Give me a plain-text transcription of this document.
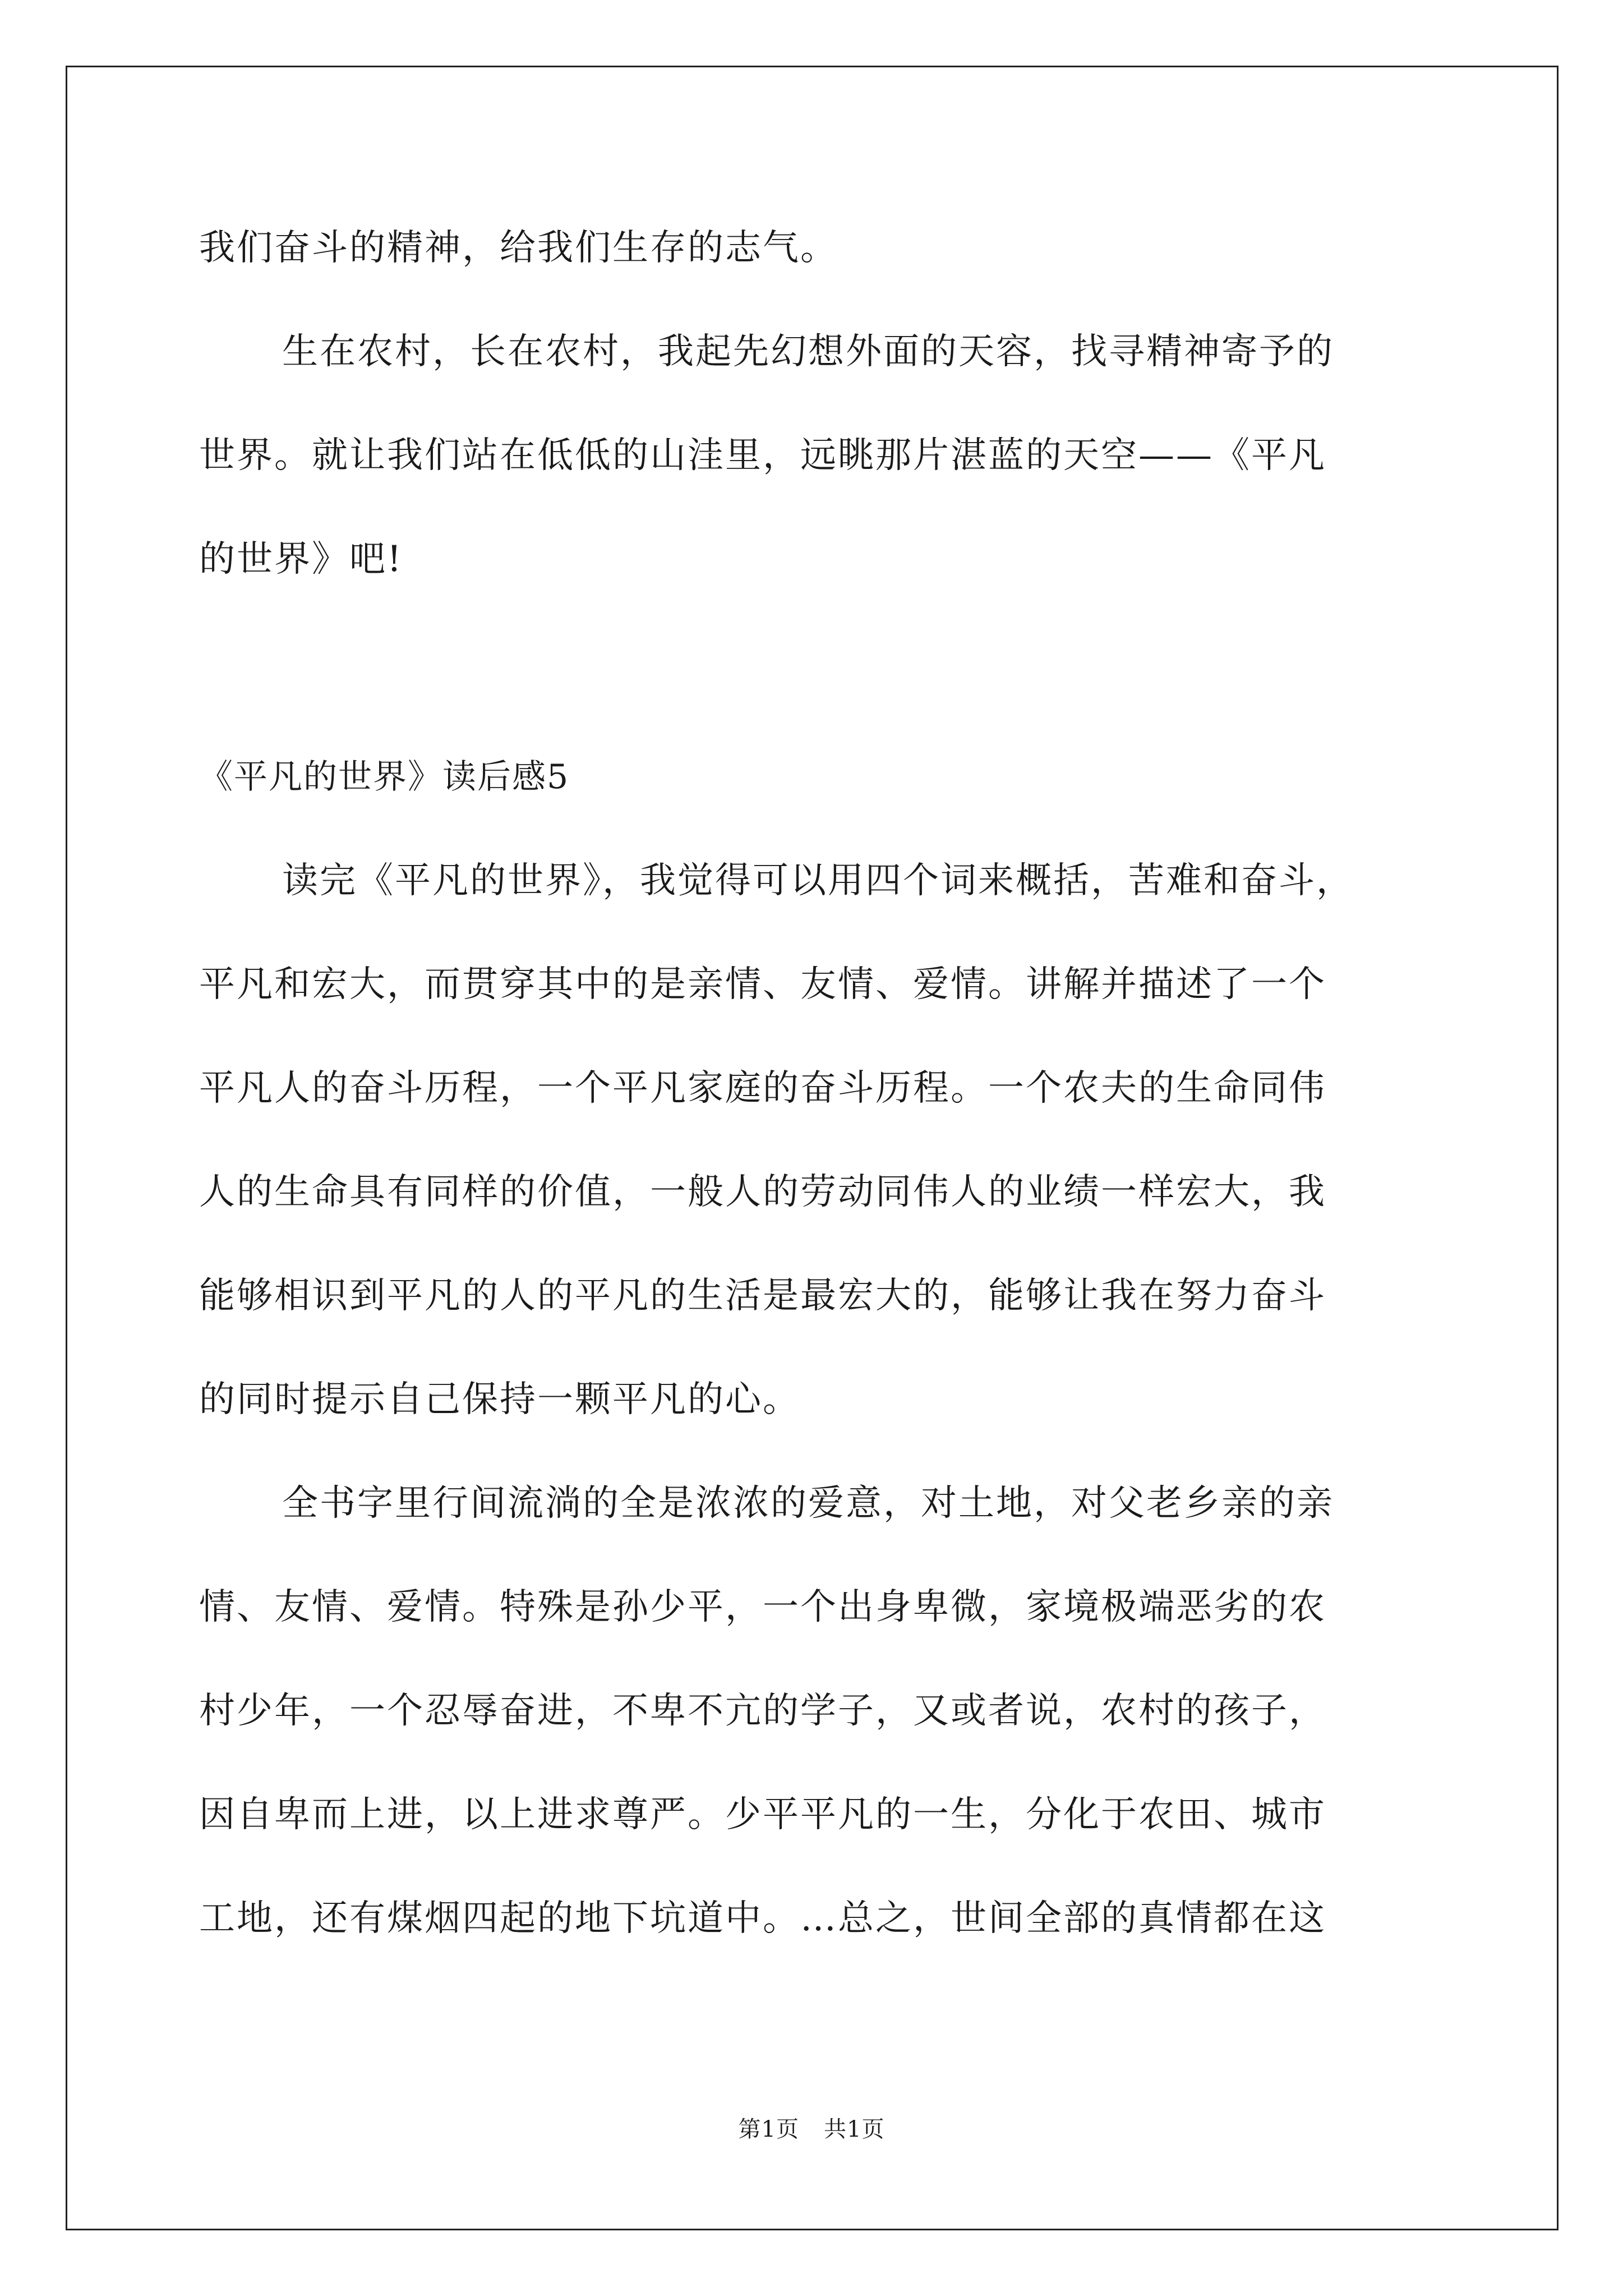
我们奋斗的精神，给我们生存的志气。
生在农村，长在农村，我起先幻想外面的天容，找寻精神寄予的
世界。就让我们站在低低的山洼里，远眺那片湛蓝的天空——《平凡
的世界》吧!
《平凡的世界》读后感5
读完《平凡的世界》，我觉得可以用四个词来概括，苦难和奋斗，
平凡和宏大，而贯穿其中的是亲情、友情、爱情。讲解并描述了一个
平凡人的奋斗历程，一个平凡家庭的奋斗历程。一个农夫的生命同伟
人的生命具有同样的价值，一般人的劳动同伟人的业绩一样宏大，我
能够相识到平凡的人的平凡的生活是最宏大的，能够让我在努力奋斗
的同时提示自己保持一颗平凡的心。
全书字里行间流淌的全是浓浓的爱意，对土地，对父老乡亲的亲
情、友情、爱情。特殊是孙少平，一个出身卑微，家境极端恶劣的农
村少年，一个忍辱奋进，不卑不亢的学子，又或者说，农村的孩子，
因自卑而上进，以上进求尊严。少平平凡的一生，分化于农田、城市
工地，还有煤烟四起的地下坑道中。…总之，世间全部的真情都在这
第1页 共1页
